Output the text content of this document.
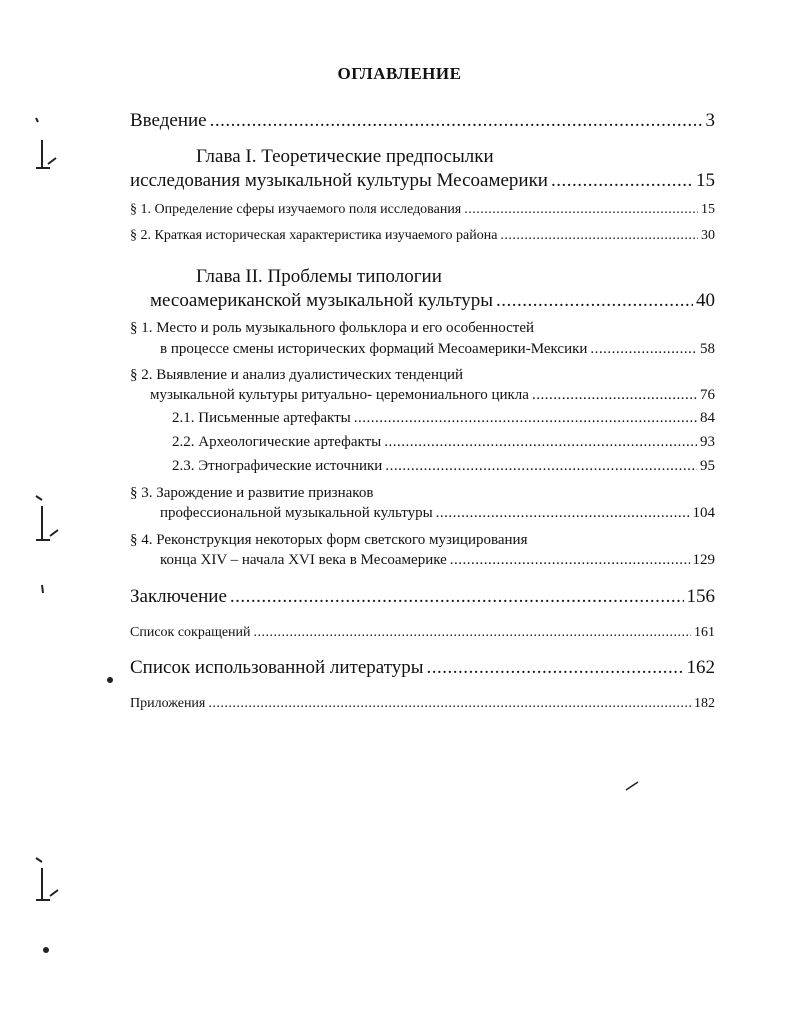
ОГЛАВЛЕНИЕ
Введение .....	3
Глава I. Теоретические предпосылки
исследования музыкальной культуры Месоамерики .....	15
§ 1. Определение сферы изучаемого поля исследования .....	15
§ 2. Краткая историческая характеристика изучаемого района .....	30
Глава II. Проблемы типологии
месоамериканской музыкальной культуры .....	40
§ 1. Место и роль музыкального фольклора и его особенностей
в процессе смены исторических формаций Месоамерики-Мексики .....	58
§ 2. Выявление и анализ дуалистических тенденций
музыкальной культуры ритуально- церемониального цикла .....	76
2.1. Письменные артефакты .....	84
2.2. Археологические артефакты .....	93
2.3. Этнографические источники .....	95
§ 3. Зарождение и развитие признаков
профессиональной музыкальной культуры .....	104
§ 4. Реконструкция некоторых форм светского музицирования
конца XIV – начала XVI века в Месоамерике .....	129
Заключение .....	156
Список сокращений .....	161
Список использованной литературы .....	162
Приложения .....	182
